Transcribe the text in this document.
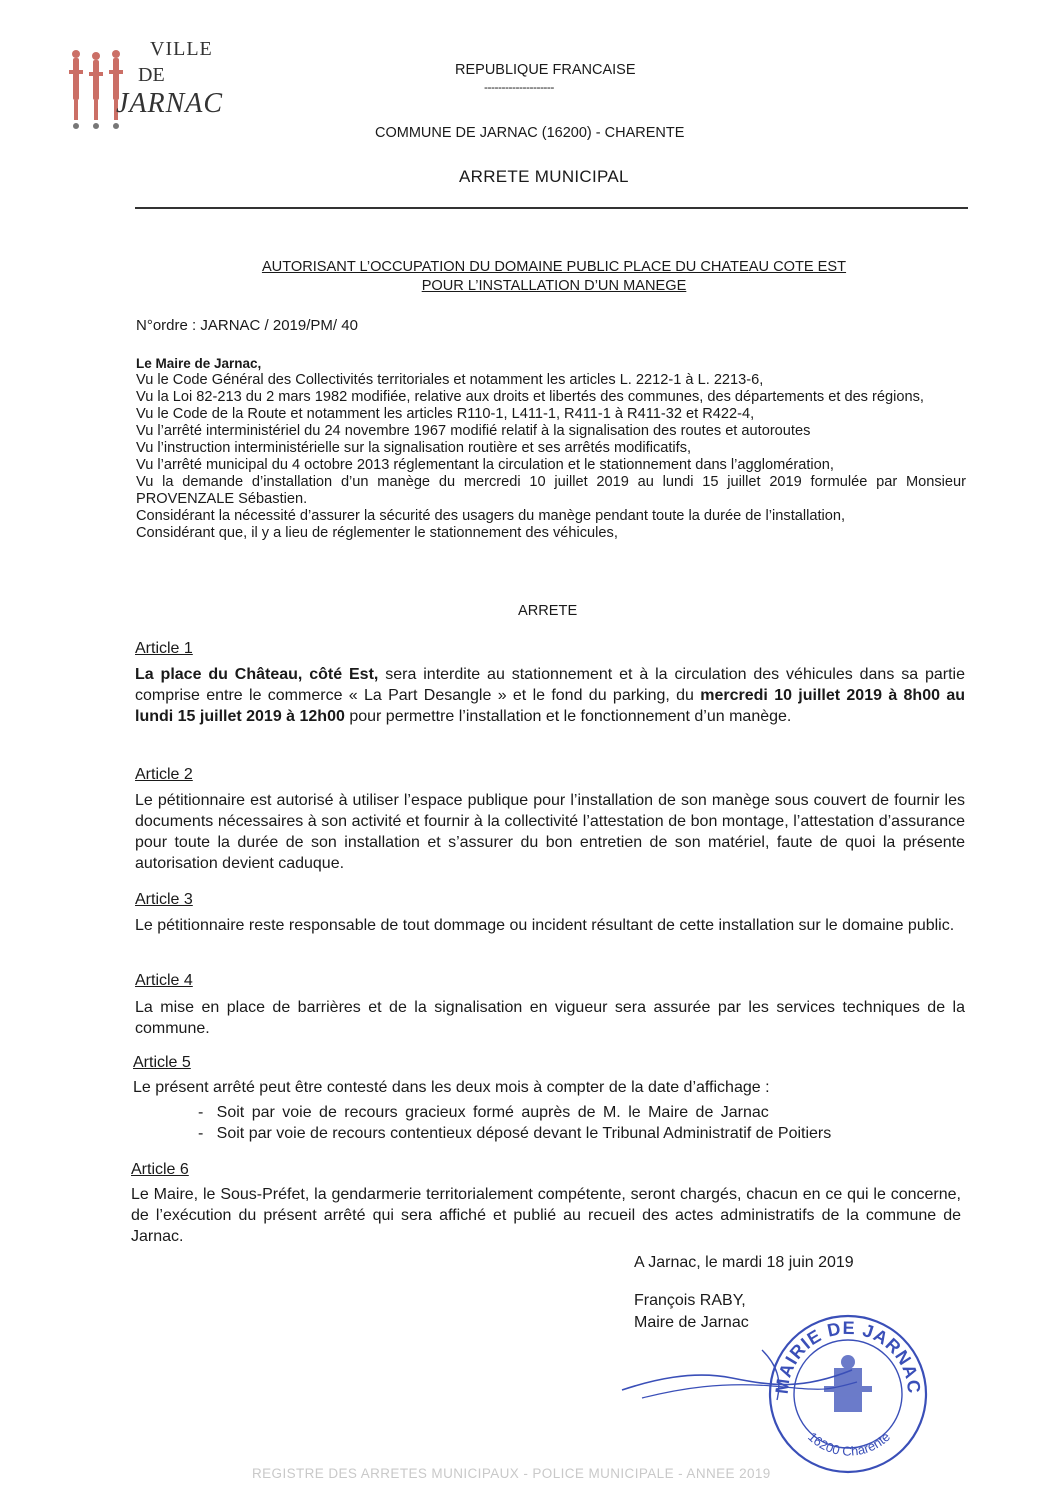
VILLE
DE
JARNAC
REPUBLIQUE FRANCAISE
--------------------
COMMUNE DE JARNAC (16200) - CHARENTE
ARRETE MUNICIPAL
AUTORISANT L’OCCUPATION DU DOMAINE PUBLIC PLACE DU CHATEAU COTE EST
POUR L’INSTALLATION D’UN MANEGE
N°ordre : JARNAC / 2019/PM/ 40
Le Maire de Jarnac,
Vu le Code Général des Collectivités territoriales et notamment les articles L. 2212-1 à L. 2213-6,
Vu la Loi 82-213 du 2 mars 1982 modifiée, relative aux droits et libertés des communes, des départements et des régions,
Vu le Code de la Route et notamment les articles R110-1, L411-1, R411-1 à R411-32 et R422-4,
Vu l’arrêté interministériel du 24 novembre 1967 modifié relatif à la signalisation des routes et autoroutes
Vu l’instruction interministérielle sur la signalisation routière et ses arrêtés modificatifs,
Vu l’arrêté municipal du 4 octobre 2013 réglementant la circulation et le stationnement dans l’agglomération,
Vu la demande d’installation d’un manège du mercredi 10 juillet 2019 au lundi 15 juillet 2019 formulée par Monsieur PROVENZALE Sébastien.
Considérant la nécessité d’assurer la sécurité des usagers du manège pendant toute la durée de l’installation,
Considérant que, il y a lieu de réglementer le stationnement des véhicules,
ARRETE
Article 1
La place du Château, côté Est, sera interdite au stationnement et à la circulation des véhicules dans sa partie comprise entre le commerce « La Part Desangle » et le fond du parking, du mercredi 10 juillet 2019 à 8h00 au lundi 15 juillet 2019 à 12h00 pour permettre l’installation et le fonctionnement d’un manège.
Article 2
Le pétitionnaire est autorisé à utiliser l’espace publique pour l’installation de son manège sous couvert de fournir les documents nécessaires à son activité et fournir à la collectivité l’attestation de bon montage, l’attestation d’assurance pour toute la durée de son installation et s’assurer du bon entretien de son matériel, faute de quoi la présente autorisation devient caduque.
Article 3
Le pétitionnaire reste responsable de tout dommage ou incident résultant de cette installation sur le domaine public.
Article 4
La mise en place de barrières et de la signalisation en vigueur sera assurée par les services techniques de la commune.
Article 5
Le présent arrêté peut être contesté dans les deux mois à compter de la date d’affichage :
-   Soit par voie de recours gracieux formé auprès de M. le Maire de Jarnac
-   Soit par voie de recours contentieux déposé devant le Tribunal Administratif de Poitiers
Article 6
Le Maire, le Sous-Préfet, la gendarmerie territorialement compétente, seront chargés, chacun en ce qui le concerne, de l’exécution du présent arrêté qui sera affiché et publié au recueil des actes administratifs de la commune de Jarnac.
A Jarnac, le mardi 18 juin 2019
François RABY,
Maire de Jarnac
MAIRIE DE JARNAC
16200 Charente
REGISTRE DES ARRETES MUNICIPAUX - POLICE MUNICIPALE - ANNEE 2019
